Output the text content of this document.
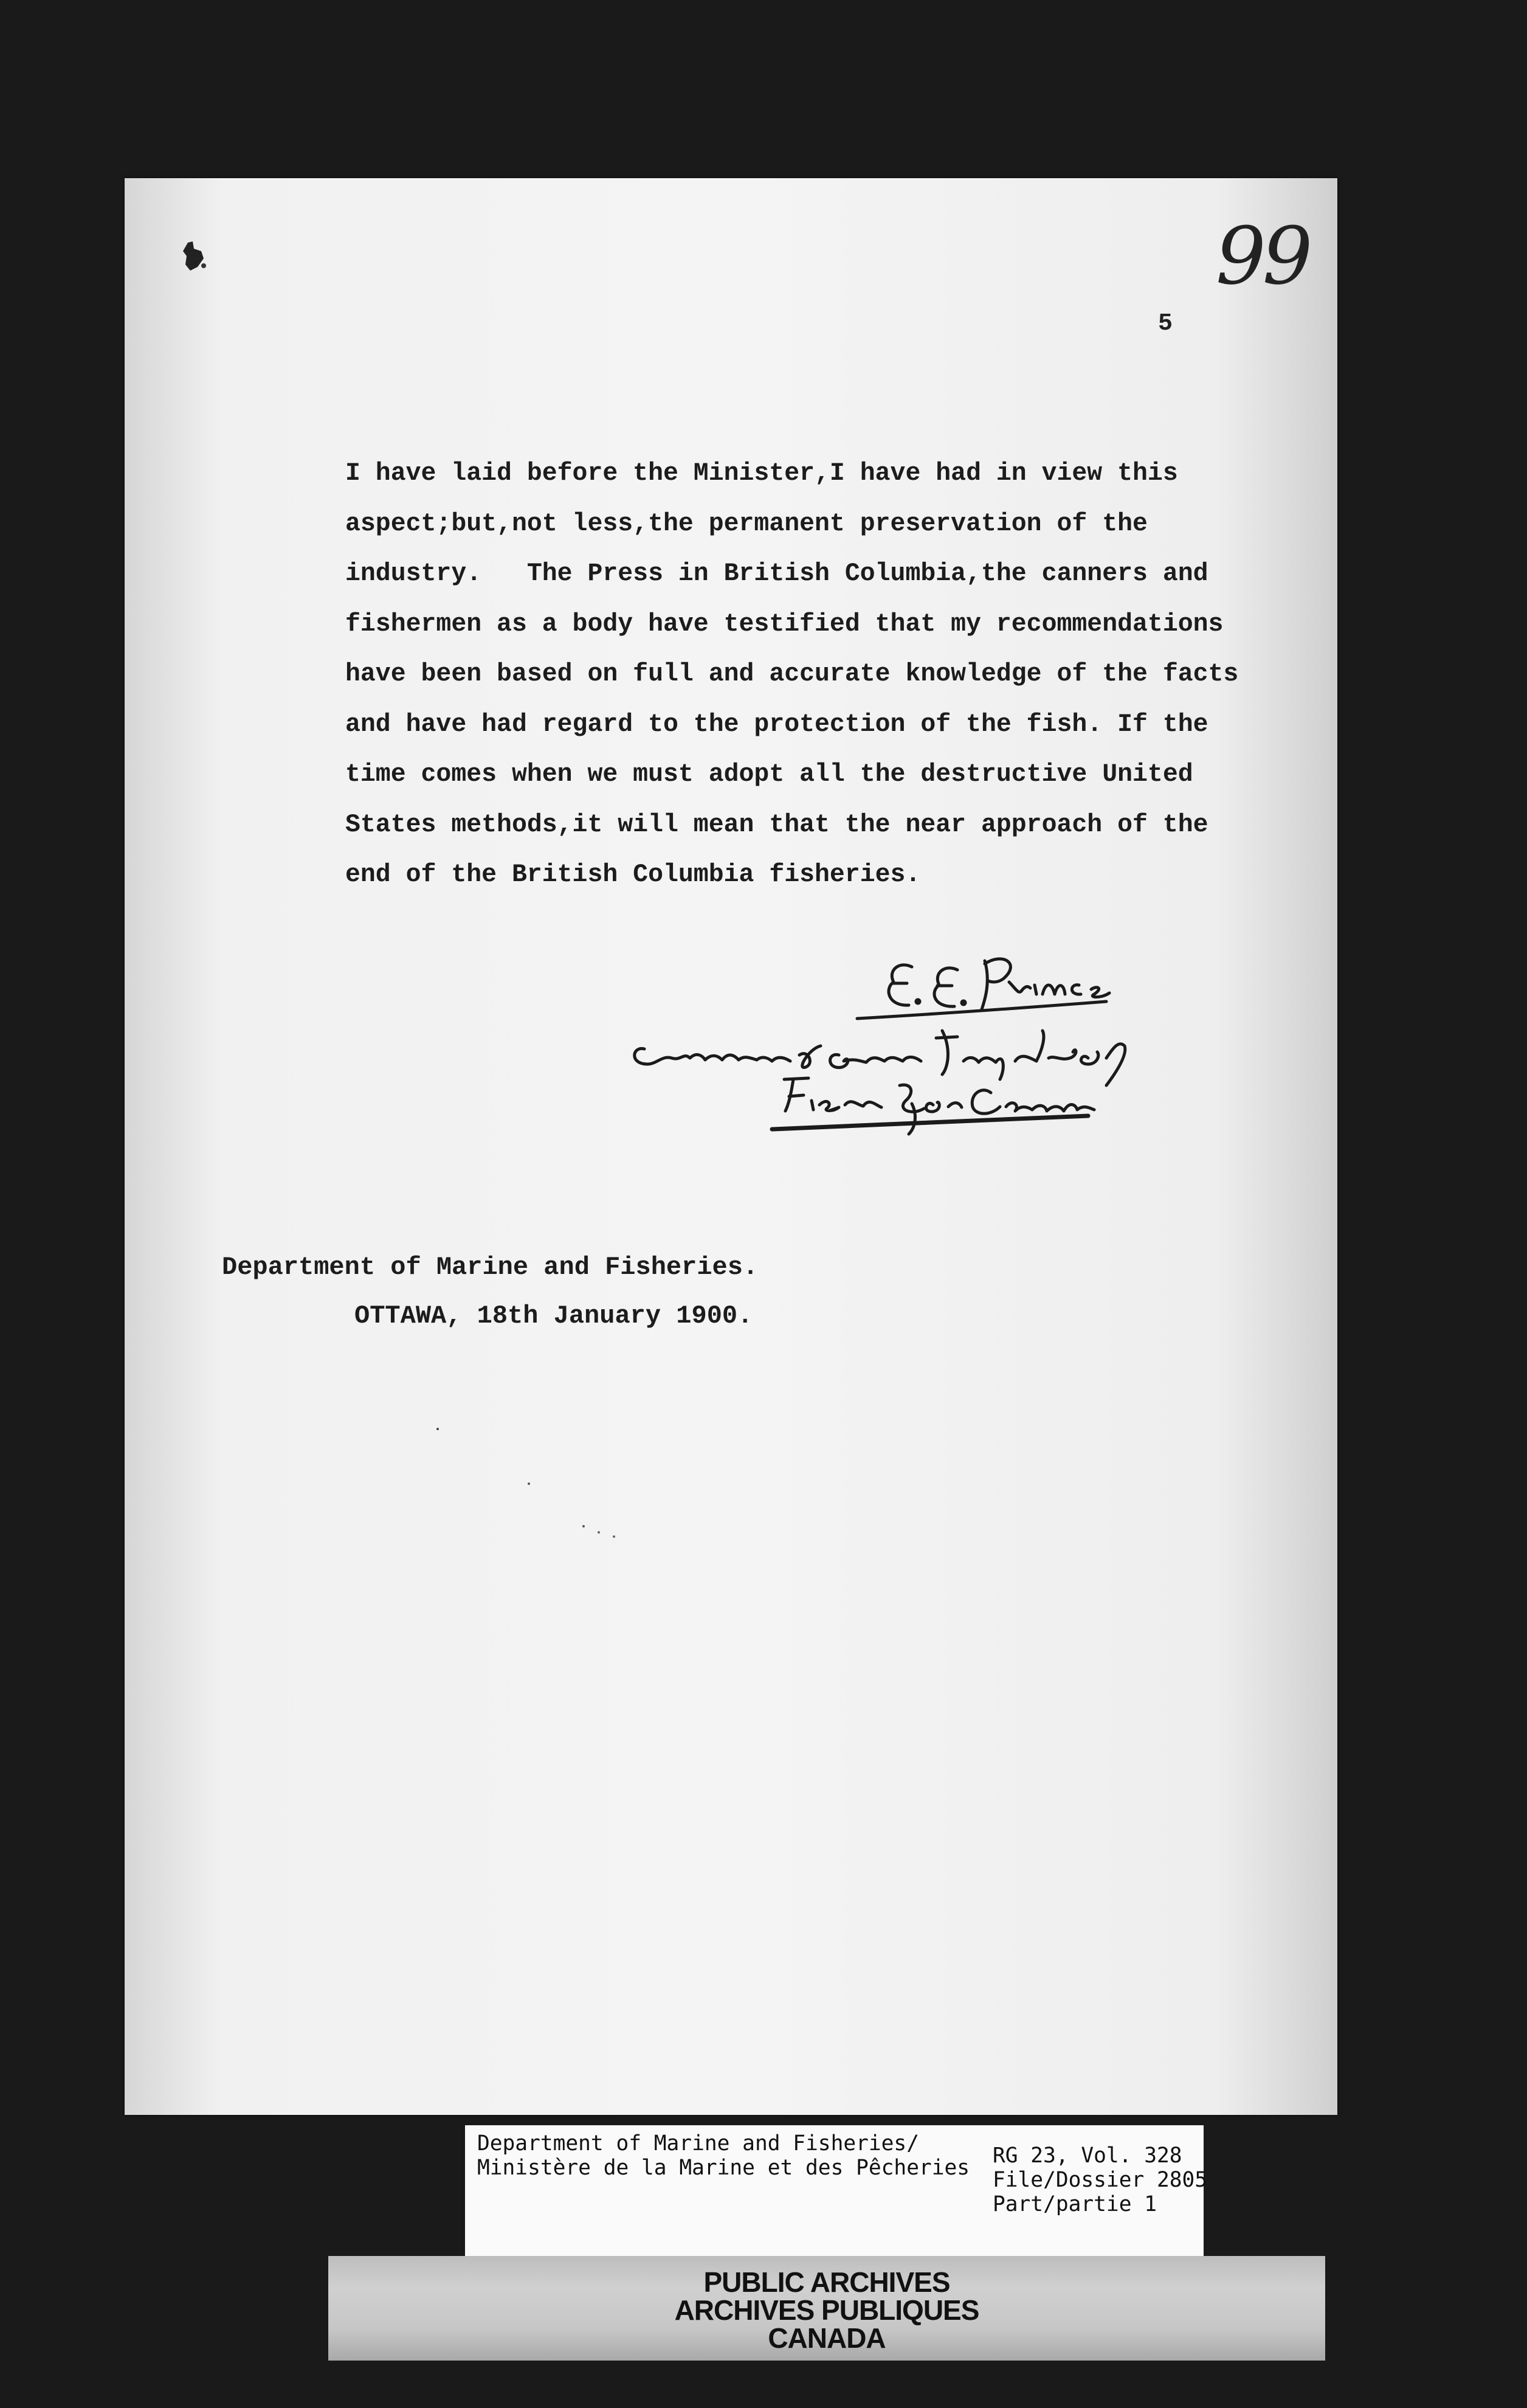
99
5
I have laid before the Minister,I have had in view this
aspect;but,not less,the permanent preservation of the
industry.   The Press in British Columbia,the canners and
fishermen as a body have testified that my recommendations
have been based on full and accurate knowledge of the facts
and have had regard to the protection of the fish. If the
time comes when we must adopt all the destructive United
States methods,it will mean that the near approach of the
end of the British Columbia fisheries.
Department of Marine and Fisheries.
OTTAWA, 18th January 1900.
Department of Marine and Fisheries/
Ministère de la Marine et des Pêcheries RG 23, Vol. 328
File/Dossier 2805
Part/partie 1
PUBLIC ARCHIVES
ARCHIVES PUBLIQUES
CANADA
